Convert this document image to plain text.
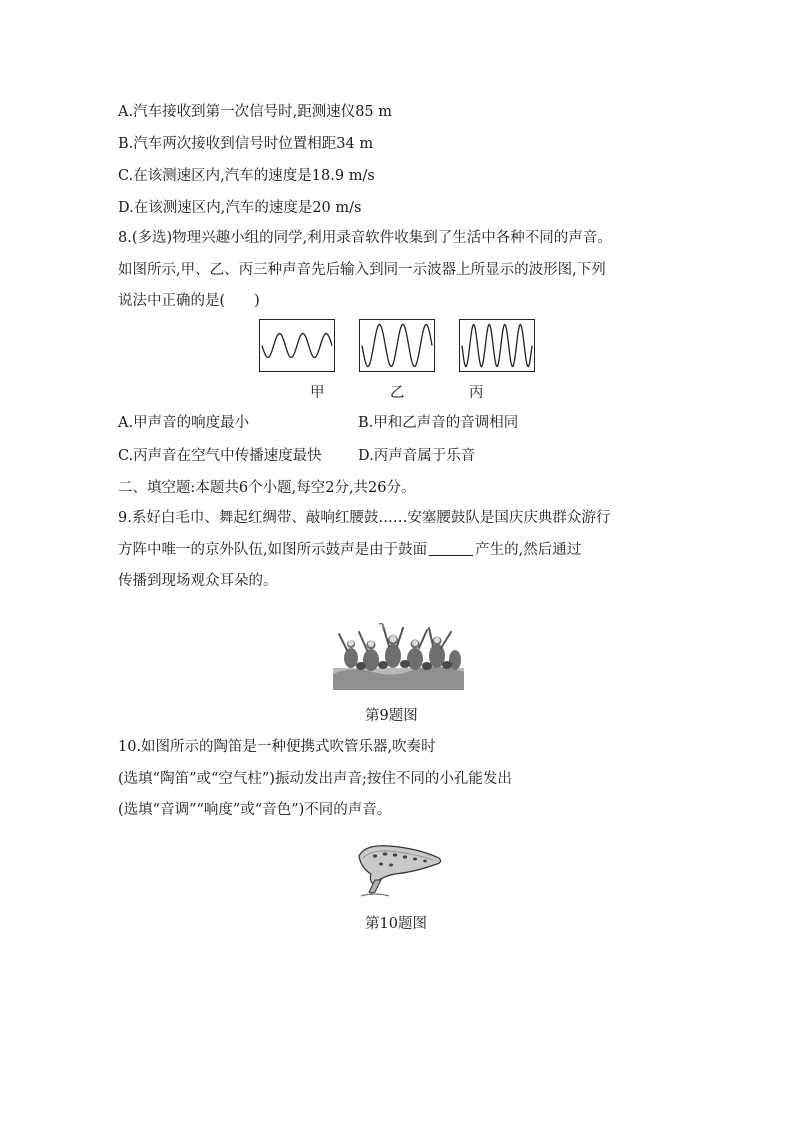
A.汽车接收到第一次信号时,距测速仪85 m
B.汽车两次接收到信号时位置相距34 m
C.在该测速区内,汽车的速度是18.9 m/s
D.在该测速区内,汽车的速度是20 m/s
8.(多选)物理兴趣小组的同学,利用录音软件收集到了生活中各种不同的声音。
如图所示,甲、乙、丙三种声音先后输入到同一示波器上所显示的波形图,下列
说法中正确的是(　　)
甲	乙	丙
A.甲声音的响度最小	B.甲和乙声音的音调相同
C.丙声音在空气中传播速度最快	D.丙声音属于乐音
二、填空题:本题共6个小题,每空2分,共26分。
9.系好白毛巾、舞起红绸带、敲响红腰鼓……安塞腰鼓队是国庆庆典群众游行
方阵中唯一的京外队伍,如图所示鼓声是由于鼓面	产生的,然后通过
传播到现场观众耳朵的。
第9题图
10.如图所示的陶笛是一种便携式吹管乐器,吹奏时
(选填“陶笛”或“空气柱”)振动发出声音;按住不同的小孔能发出
(选填“音调”“响度”或“音色”)不同的声音。
第10题图
